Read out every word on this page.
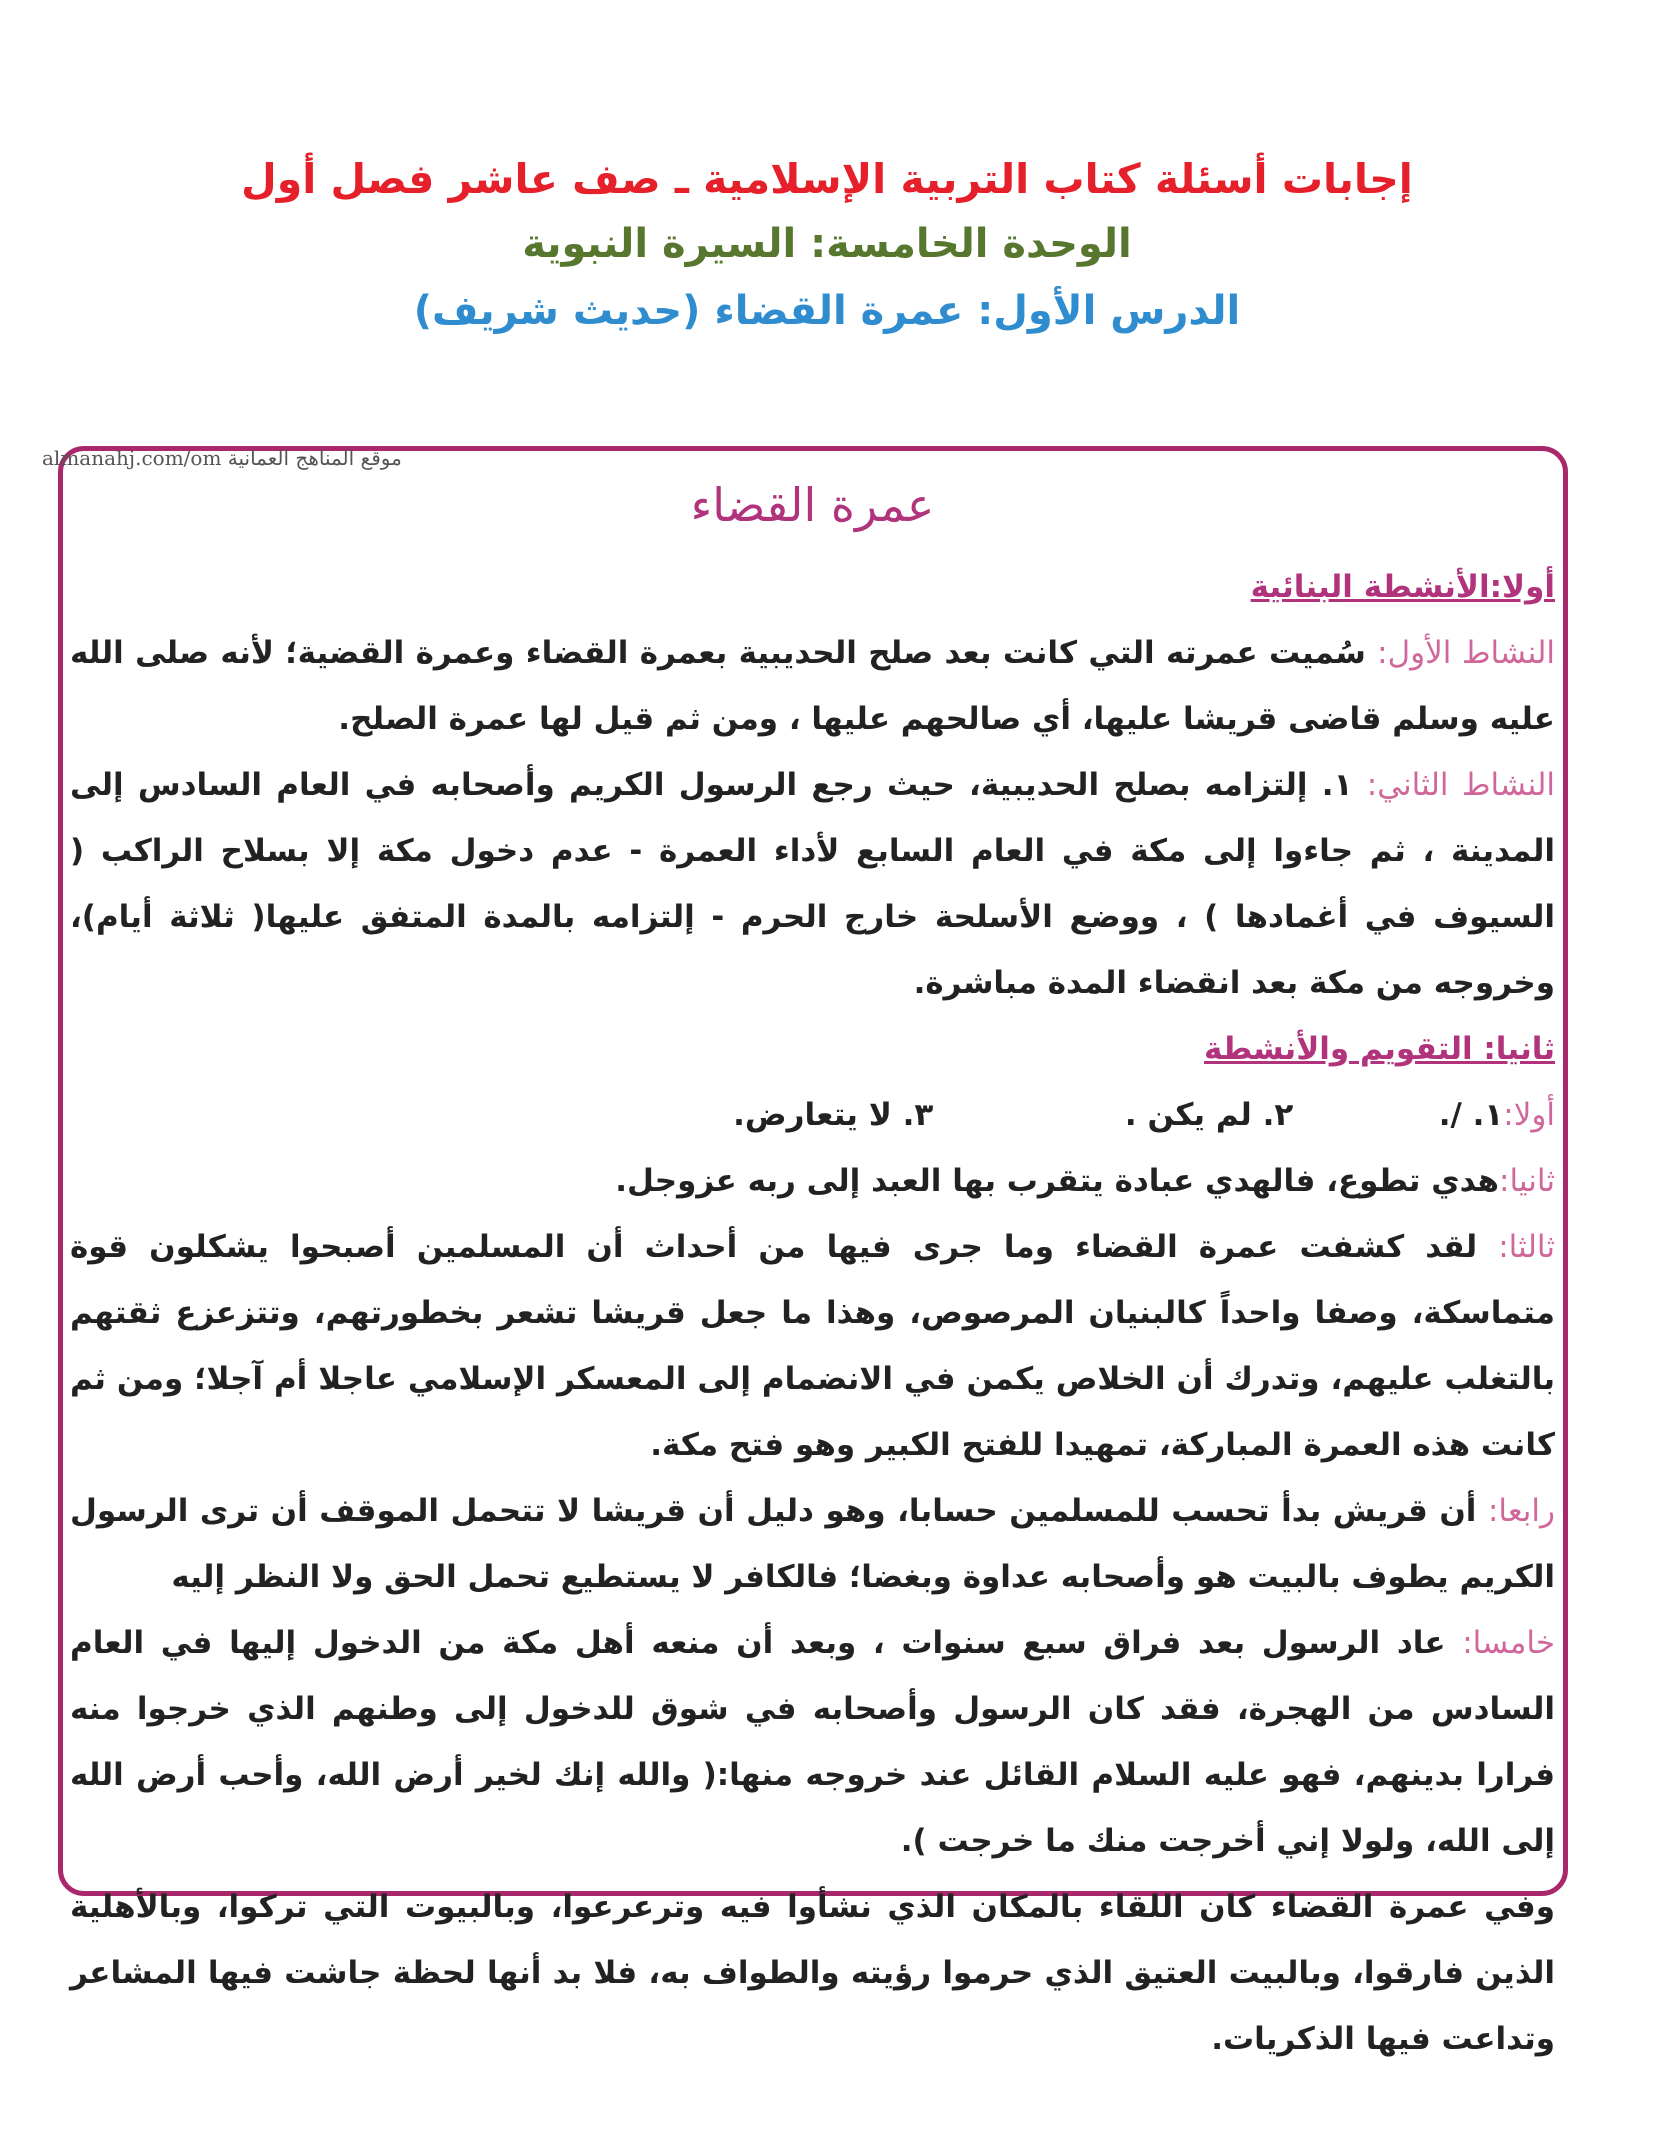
إجابات أسئلة كتاب التربية الإسلامية ـ صف عاشر فصل أول
الوحدة الخامسة: السيرة النبوية
الدرس الأول: عمرة القضاء (حديث شريف)
almanahj.com/om موقع المناهج العمانية
عمرة القضاء

أولا:الأنشطة البنائية

النشاط الأول: سُميت عمرته التي كانت بعد صلح الحديبية بعمرة القضاء وعمرة القضية؛ لأنه صلى الله عليه وسلم قاضى قريشا عليها، أي صالحهم عليها ، ومن ثم قيل لها عمرة الصلح.

النشاط الثاني: ١. إلتزامه بصلح الحديبية، حيث رجع الرسول الكريم وأصحابه في العام السادس إلى المدينة ، ثم جاءوا إلى مكة في العام السابع لأداء العمرة - عدم دخول مكة إلا بسلاح الراكب ( السيوف في أغمادها ) ، ووضع الأسلحة خارج الحرم - إلتزامه بالمدة المتفق عليها( ثلاثة أيام)، وخروجه من مكة بعد انقضاء المدة مباشرة.

ثانيا: التقويم والأنشطة

أولا:
١. /.
٢. لم يكن .
٣. لا يتعارض.

ثانيا:هدي تطوع، فالهدي عبادة يتقرب بها العبد إلى ربه عزوجل.

ثالثا: لقد كشفت عمرة القضاء وما جرى فيها من أحداث أن المسلمين أصبحوا يشكلون قوة متماسكة، وصفا واحداً كالبنيان المرصوص، وهذا ما جعل قريشا تشعر بخطورتهم، وتتزعزع ثقتهم بالتغلب عليهم، وتدرك أن الخلاص يكمن في الانضمام إلى المعسكر الإسلامي عاجلا أم آجلا؛ ومن ثم كانت هذه العمرة المباركة، تمهيدا للفتح الكبير وهو فتح مكة.

رابعا: أن قريش بدأ تحسب للمسلمين حسابا، وهو دليل أن قريشا لا تتحمل الموقف أن ترى الرسول الكريم يطوف بالبيت هو وأصحابه عداوة وبغضا؛ فالكافر لا يستطيع تحمل الحق ولا النظر إليه

خامسا: عاد الرسول بعد فراق سبع سنوات ، وبعد أن منعه أهل مكة من الدخول إليها في العام السادس من الهجرة، فقد كان الرسول وأصحابه في شوق للدخول إلى وطنهم الذي خرجوا منه فرارا بدينهم، فهو عليه السلام القائل عند خروجه منها:( والله إنك لخير أرض الله، وأحب أرض الله إلى الله، ولولا إني أخرجت منك ما خرجت ).

وفي عمرة القضاء كان اللقاء بالمكان الذي نشأوا فيه وترعرعوا، وبالبيوت التي تركوا، وبالأهلية الذين فارقوا، وبالبيت العتيق الذي حرموا رؤيته والطواف به، فلا بد أنها لحظة جاشت فيها المشاعر وتداعت فيها الذكريات.
